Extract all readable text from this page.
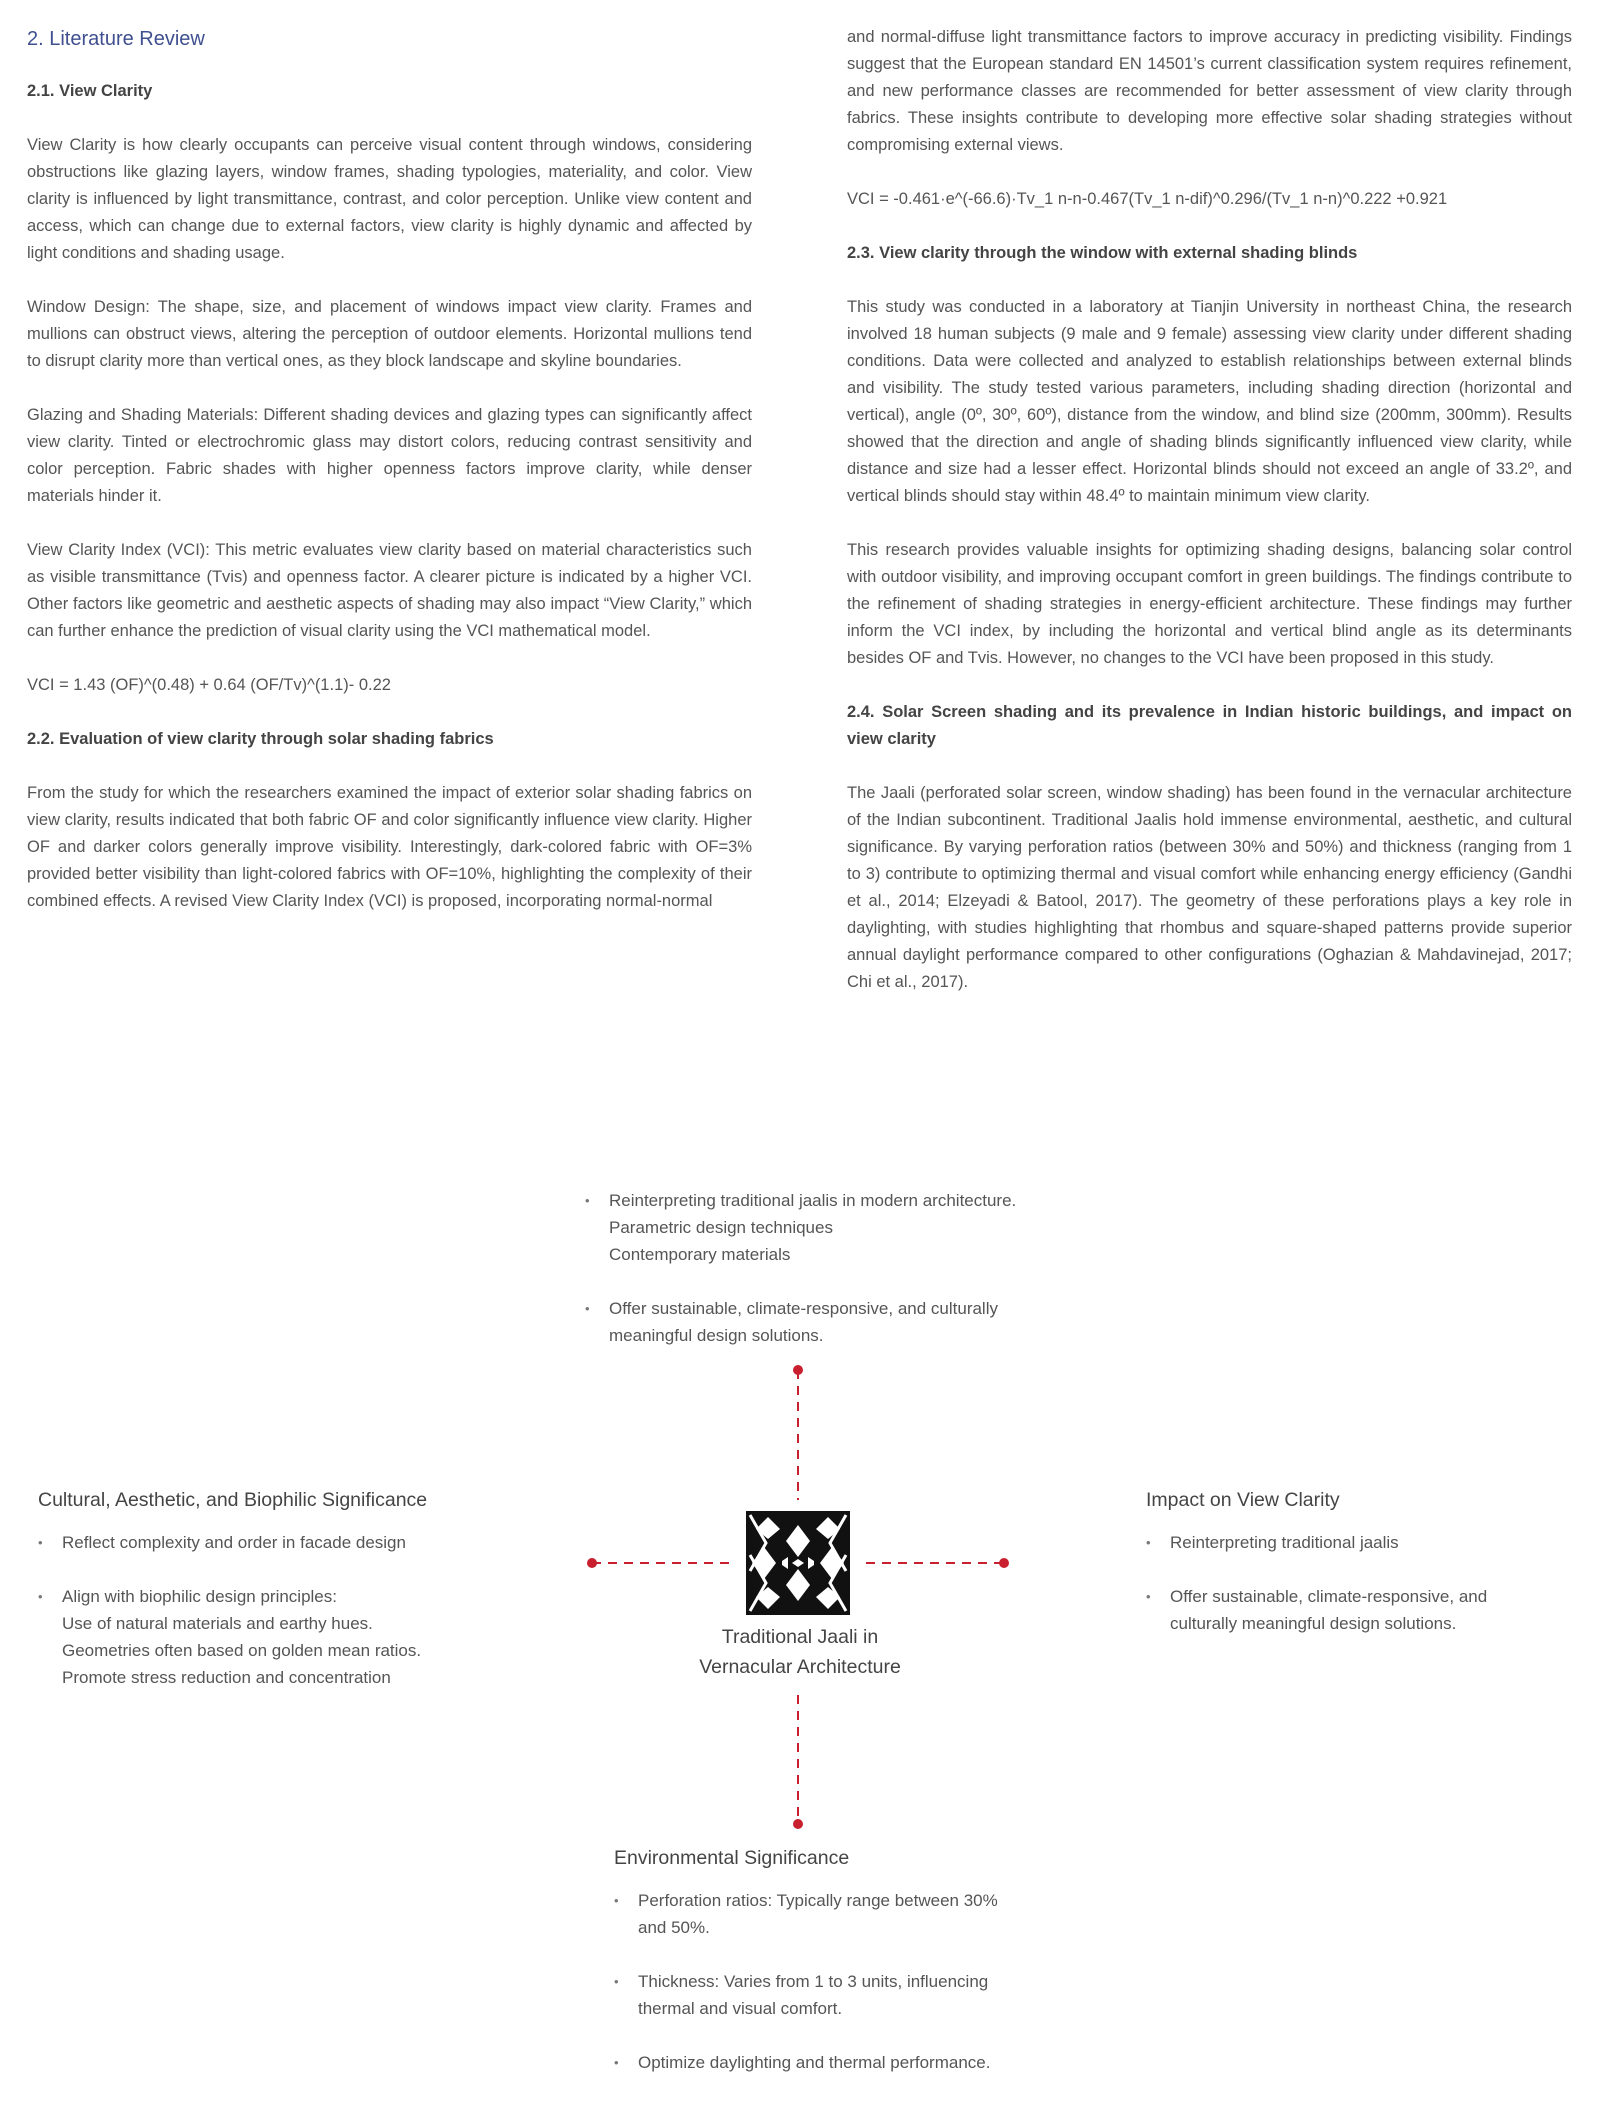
2. Literature Review
2.1. View Clarity

View Clarity is how clearly occupants can perceive visual content through windows, considering obstructions like glazing layers, window frames, shading typologies, materiality, and color. View clarity is influenced by light transmittance, contrast, and color perception. Unlike view content and access, which can change due to external factors, view clarity is highly dynamic and affected by light conditions and shading usage.

Window Design: The shape, size, and placement of windows impact view clarity. Frames and mullions can obstruct views, altering the perception of outdoor elements. Horizontal mullions tend to disrupt clarity more than vertical ones, as they block landscape and skyline boundaries.

Glazing and Shading Materials: Different shading devices and glazing types can significantly affect view clarity. Tinted or electrochromic glass may distort colors, reducing contrast sensitivity and color perception. Fabric shades with higher openness factors improve clarity, while denser materials hinder it.

View Clarity Index (VCI): This metric evaluates view clarity based on material characteristics such as visible transmittance (Tvis) and openness factor. A clearer picture is indicated by a higher VCI. Other factors like geometric and aesthetic aspects of shading may also impact “View Clarity,” which can further enhance the prediction of visual clarity using the VCI mathematical model.

VCI = 1.43 (OF)^(0.48) + 0.64 (OF/Tv)^(1.1)- 0.22
2.2. Evaluation of view clarity through solar shading fabrics

From the study for which the researchers examined the impact of exterior solar shading fabrics on view clarity, results indicated that both fabric OF and color significantly influence view clarity. Higher OF and darker colors generally improve visibility. Interestingly, dark-colored fabric with OF=3% provided better visibility than light-colored fabrics with OF=10%, highlighting the complexity of their combined effects. A revised View Clarity Index (VCI) is proposed, incorporating normal-normal

and normal-diffuse light transmittance factors to improve accuracy in predicting visibility. Findings suggest that the European standard EN 14501’s current classification system requires refinement, and new performance classes are recommended for better assessment of view clarity through fabrics. These insights contribute to developing more effective solar shading strategies without compromising external views.

VCI = -0.461·e^(-66.6)·Tv_1 n-n-0.467(Tv_1 n-dif)^0.296/(Tv_1 n-n)^0.222 +0.921
2.3. View clarity through the window with external shading blinds

This study was conducted in a laboratory at Tianjin University in northeast China, the research involved 18 human subjects (9 male and 9 female) assessing view clarity under different shading conditions. Data were collected and analyzed to establish relationships between external blinds and visibility. The study tested various parameters, including shading direction (horizontal and vertical), angle (0º, 30º, 60º), distance from the window, and blind size (200mm, 300mm). Results showed that the direction and angle of shading blinds significantly influenced view clarity, while distance and size had a lesser effect. Horizontal blinds should not exceed an angle of 33.2º, and vertical blinds should stay within 48.4º to maintain minimum view clarity.

This research provides valuable insights for optimizing shading designs, balancing solar control with outdoor visibility, and improving occupant comfort in green buildings. The findings contribute to the refinement of shading strategies in energy-efficient architecture. These findings may further inform the VCI index, by including the horizontal and vertical blind angle as its determinants besides OF and Tvis. However, no changes to the VCI have been proposed in this study.

2.4. Solar Screen shading and its prevalence in Indian historic buildings, and impact on view clarity

The Jaali (perforated solar screen, window shading) has been found in the vernacular architecture of the Indian subcontinent. Traditional Jaalis hold immense environmental, aesthetic, and cultural significance. By varying perforation ratios (between 30% and 50%) and thickness (ranging from 1 to 3) contribute to optimizing thermal and visual comfort while enhancing energy efficiency (Gandhi et al., 2014; Elzeyadi & Batool, 2017). The geometry of these perforations plays a key role in daylighting, with studies highlighting that rhombus and square-shaped patterns provide superior annual daylight performance compared to other configurations (Oghazian & Mahdavinejad, 2017; Chi et al., 2017).

Traditional Jaali in
Vernacular Architecture
• Reinterpreting traditional jaalis in modern architecture.
Parametric design techniques
Contemporary materials
• Offer sustainable, climate-responsive, and culturally
meaningful design solutions.
Cultural, Aesthetic, and Biophilic Significance
• Reflect complexity and order in facade design
• Align with biophilic design principles:
Use of natural materials and earthy hues.
Geometries often based on golden mean ratios.
Promote stress reduction and concentration
Impact on View Clarity
• Reinterpreting traditional jaalis
• Offer sustainable, climate-responsive, and
culturally meaningful design solutions.
Environmental Significance
• Perforation ratios: Typically range between 30%
and 50%.
• Thickness: Varies from 1 to 3 units, influencing
thermal and visual comfort.
• Optimize daylighting and thermal performance.
